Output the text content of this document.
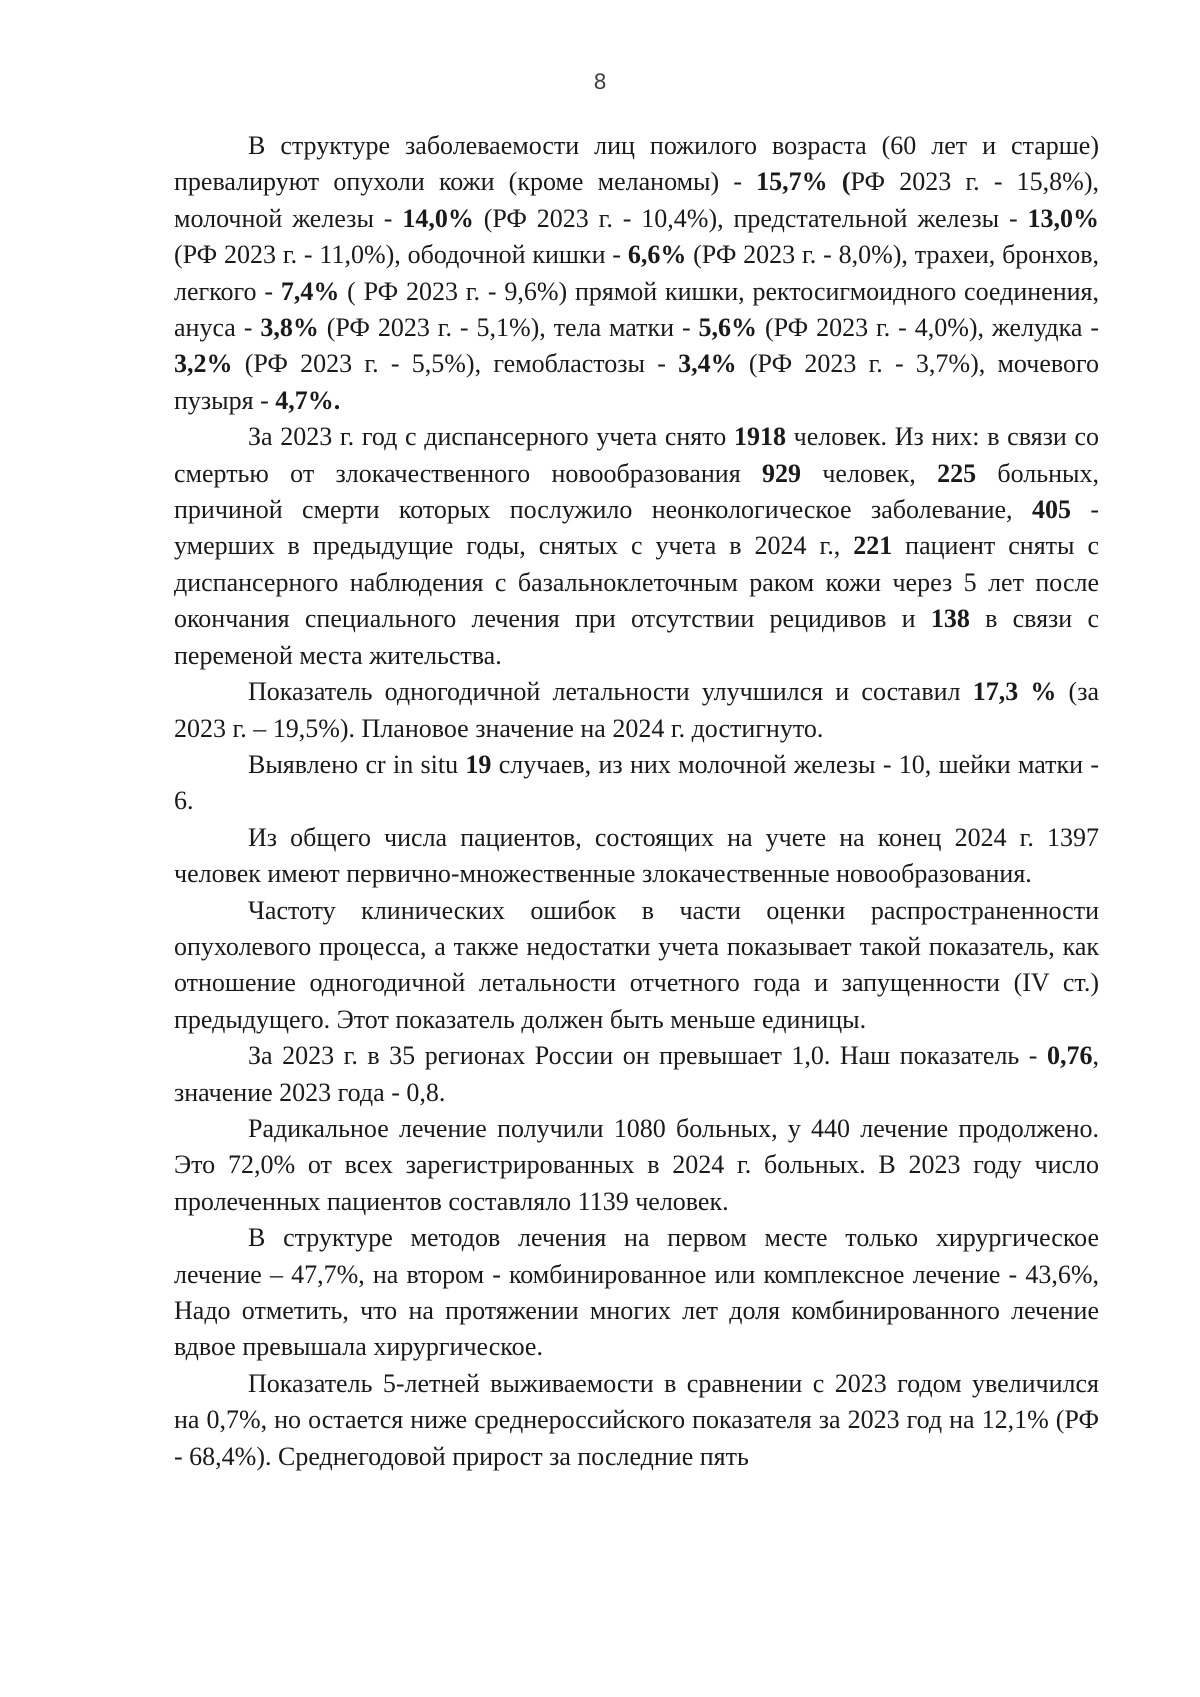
8

В структуре заболеваемости лиц пожилого возраста (60 лет и старше) превалируют опухоли кожи (кроме меланомы) - 15,7% (РФ 2023 г. - 15,8%), молочной железы - 14,0% (РФ 2023 г. - 10,4%), предстательной железы - 13,0% (РФ 2023 г. - 11,0%), ободочной кишки - 6,6% (РФ 2023 г. - 8,0%), трахеи, бронхов, легкого - 7,4% ( РФ 2023 г. - 9,6%) прямой кишки, ректосигмоидного соединения, ануса - 3,8% (РФ 2023 г. - 5,1%), тела матки - 5,6% (РФ 2023 г. - 4,0%), желудка - 3,2% (РФ 2023 г. - 5,5%), гемобластозы - 3,4% (РФ 2023 г. - 3,7%), мочевого пузыря - 4,7%.

За 2023 г. год с диспансерного учета снято 1918 человек. Из них: в связи со смертью от злокачественного новообразования 929 человек, 225 больных, причиной смерти которых послужило неонкологическое заболевание, 405 - умерших в предыдущие годы, снятых с учета в 2024 г., 221 пациент сняты с диспансерного наблюдения с базальноклеточным раком кожи через 5 лет после окончания специального лечения при отсутствии рецидивов и 138 в связи с переменой места жительства.

Показатель одногодичной летальности улучшился и составил 17,3 % (за 2023 г. – 19,5%). Плановое значение на 2024 г. достигнуто.

Выявлено cr in situ 19 случаев, из них молочной железы - 10, шейки матки - 6.

Из общего числа пациентов, состоящих на учете на конец 2024 г. 1397 человек имеют первично-множественные злокачественные новообразования.

Частоту клинических ошибок в части оценки распространенности опухолевого процесса, а также недостатки учета показывает такой показатель, как отношение одногодичной летальности отчетного года и запущенности (IV ст.) предыдущего. Этот показатель должен быть меньше единицы.

За 2023 г. в 35 регионах России он превышает 1,0. Наш показатель - 0,76, значение 2023 года - 0,8.

Радикальное лечение получили 1080 больных, у 440 лечение продолжено. Это 72,0% от всех зарегистрированных в 2024 г. больных. В 2023 году число пролеченных пациентов составляло 1139 человек.

В структуре методов лечения на первом месте только хирургическое лечение – 47,7%, на втором - комбинированное или комплексное лечение - 43,6%, Надо отметить, что на протяжении многих лет доля комбинированного лечение вдвое превышала хирургическое.

Показатель 5-летней выживаемости в сравнении с 2023 годом увеличился на 0,7%, но остается ниже среднероссийского показателя за 2023 год на 12,1% (РФ - 68,4%). Среднегодовой прирост за последние пять
